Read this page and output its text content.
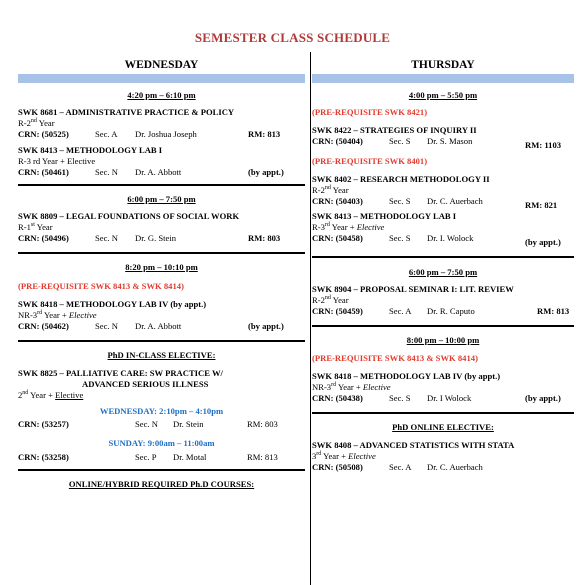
SEMESTER CLASS SCHEDULE
WEDNESDAY
4:20 pm – 6:10 pm
SWK 8681 – ADMINISTRATIVE PRACTICE & POLICY
R-2nd Year
CRN: (50525)	Sec. A Dr. Joshua Joseph	RM: 813
SWK 8413 – METHODOLOGY LAB I
R-3 rd Year + Elective
CRN: (50461)	Sec. N Dr. A. Abbott	(by appt.)
6:00 pm – 7:50 pm
SWK 8809 – LEGAL FOUNDATIONS OF SOCIAL WORK
R-1st Year
CRN: (50496)	Sec. N Dr. G. Stein	RM: 803
8:20 pm – 10:10 pm
(PRE-REQUISITE SWK 8413 & SWK 8414)
SWK 8418 – METHODOLOGY LAB IV (by appt.)
NR-3rd Year + Elective
CRN: (50462)	Sec. N Dr. A. Abbott	(by appt.)
PhD IN-CLASS ELECTIVE:
SWK 8825 – PALLIATIVE CARE: SW PRACTICE W/
ADVANCED SERIOUS ILLNESS
2nd Year + Elective
WEDNESDAY: 2:10pm – 4:10pm
CRN: (53257)	Sec. N Dr. Stein	RM: 803
SUNDAY: 9:00am – 11:00am
CRN: (53258)	Sec. P Dr. Motal	RM: 813
ONLINE/HYBRID REQUIRED Ph.D COURSES:
THURSDAY
4:00 pm – 5:50 pm
(PRE-REQUISITE SWK 8421)
SWK 8422 – STRATEGIES OF INQUIRY II
CRN: (50404)	Sec. S Dr. S. Mason	RM: 1103
(PRE-REQUISITE SWK 8401)
SWK 8402 – RESEARCH METHODOLOGY II
R-2nd Year
CRN: (50403)	Sec. S Dr. C. Auerbach	RM: 821
SWK 8413 – METHODOLOGY LAB I
R-3rd Year + Elective
CRN: (50458)	Sec. S Dr. I. Wolock	(by appt.)
6:00 pm – 7:50 pm
SWK 8904 – PROPOSAL SEMINAR I: LIT. REVIEW
R-2nd Year
CRN: (50459)	Sec. A Dr. R. Caputo	RM: 813
8:00 pm – 10:00 pm
(PRE-REQUISITE SWK 8413 & SWK 8414)
SWK 8418 – METHODOLOGY LAB IV (by appt.)
NR-3rd Year + Elective
CRN: (50438)	Sec. S Dr. I Wolock	(by appt.)
PhD ONLINE ELECTIVE:
SWK 8408 – ADVANCED STATISTICS WITH STATA
3rd Year + Elective
CRN: (50508)	Sec. A Dr. C. Auerbach
